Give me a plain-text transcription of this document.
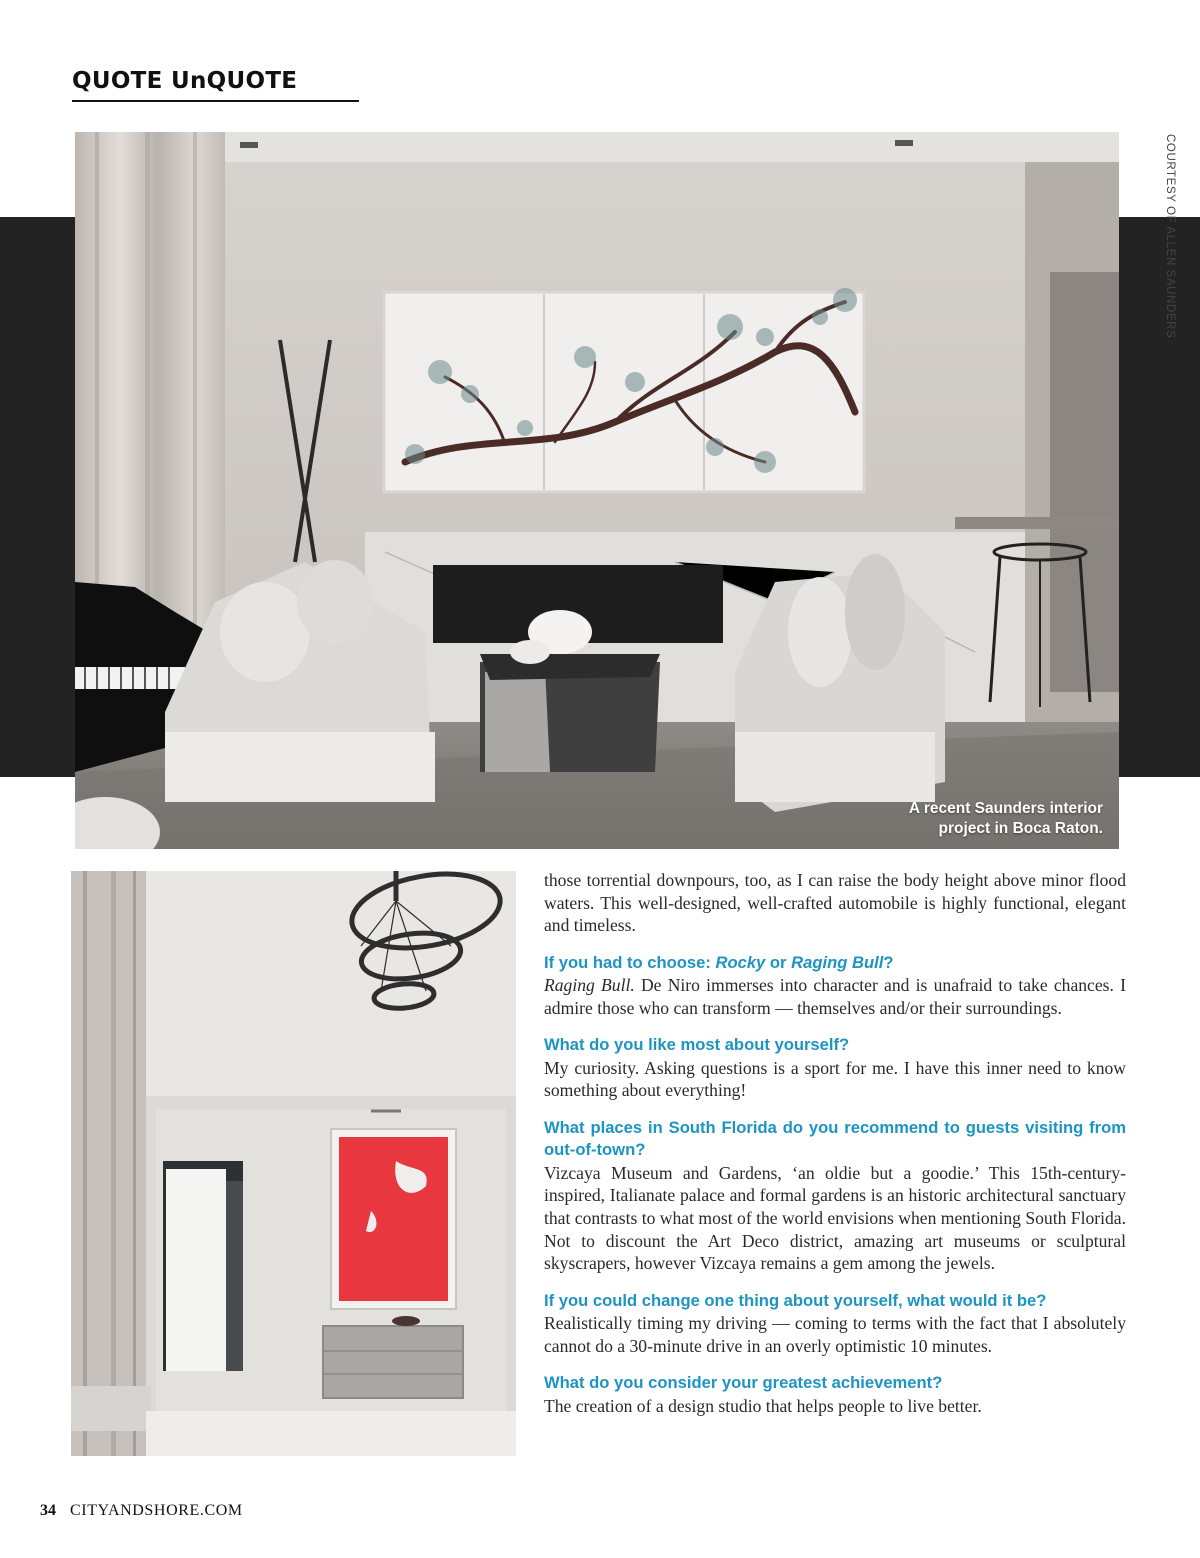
QUOTE UnQUOTE
COURTESY OF ALLEN SAUNDERS
A recent Saunders interior
project in Boca Raton.

those torrential downpours, too, as I can raise the body height above minor flood waters. This well-designed, well-crafted automobile is highly functional, elegant and timeless.

If you had to choose: Rocky or Raging Bull?

Raging Bull. De Niro immerses into character and is unafraid to take chances. I admire those who can transform — themselves and/or their surroundings.

What do you like most about yourself?

My curiosity. Asking questions is a sport for me. I have this inner need to know something about everything!

What places in South Florida do you recommend to guests visiting from out-of-town?

Vizcaya Museum and Gardens, ‘an oldie but a goodie.’ This 15th-century-inspired, Italianate palace and formal gardens is an historic architectural sanctuary that contrasts to what most of the world envisions when mentioning South Florida. Not to discount the Art Deco district, amazing art museums or sculptural skyscrapers, however Vizcaya remains a gem among the jewels.

If you could change one thing about yourself, what would it be?

Realistically timing my driving — coming to terms with the fact that I absolutely cannot do a 30-minute drive in an overly optimistic 10 minutes.

What do you consider your greatest achievement?

The creation of a design studio that helps people to live better.

34 CITYANDSHORE.COM
